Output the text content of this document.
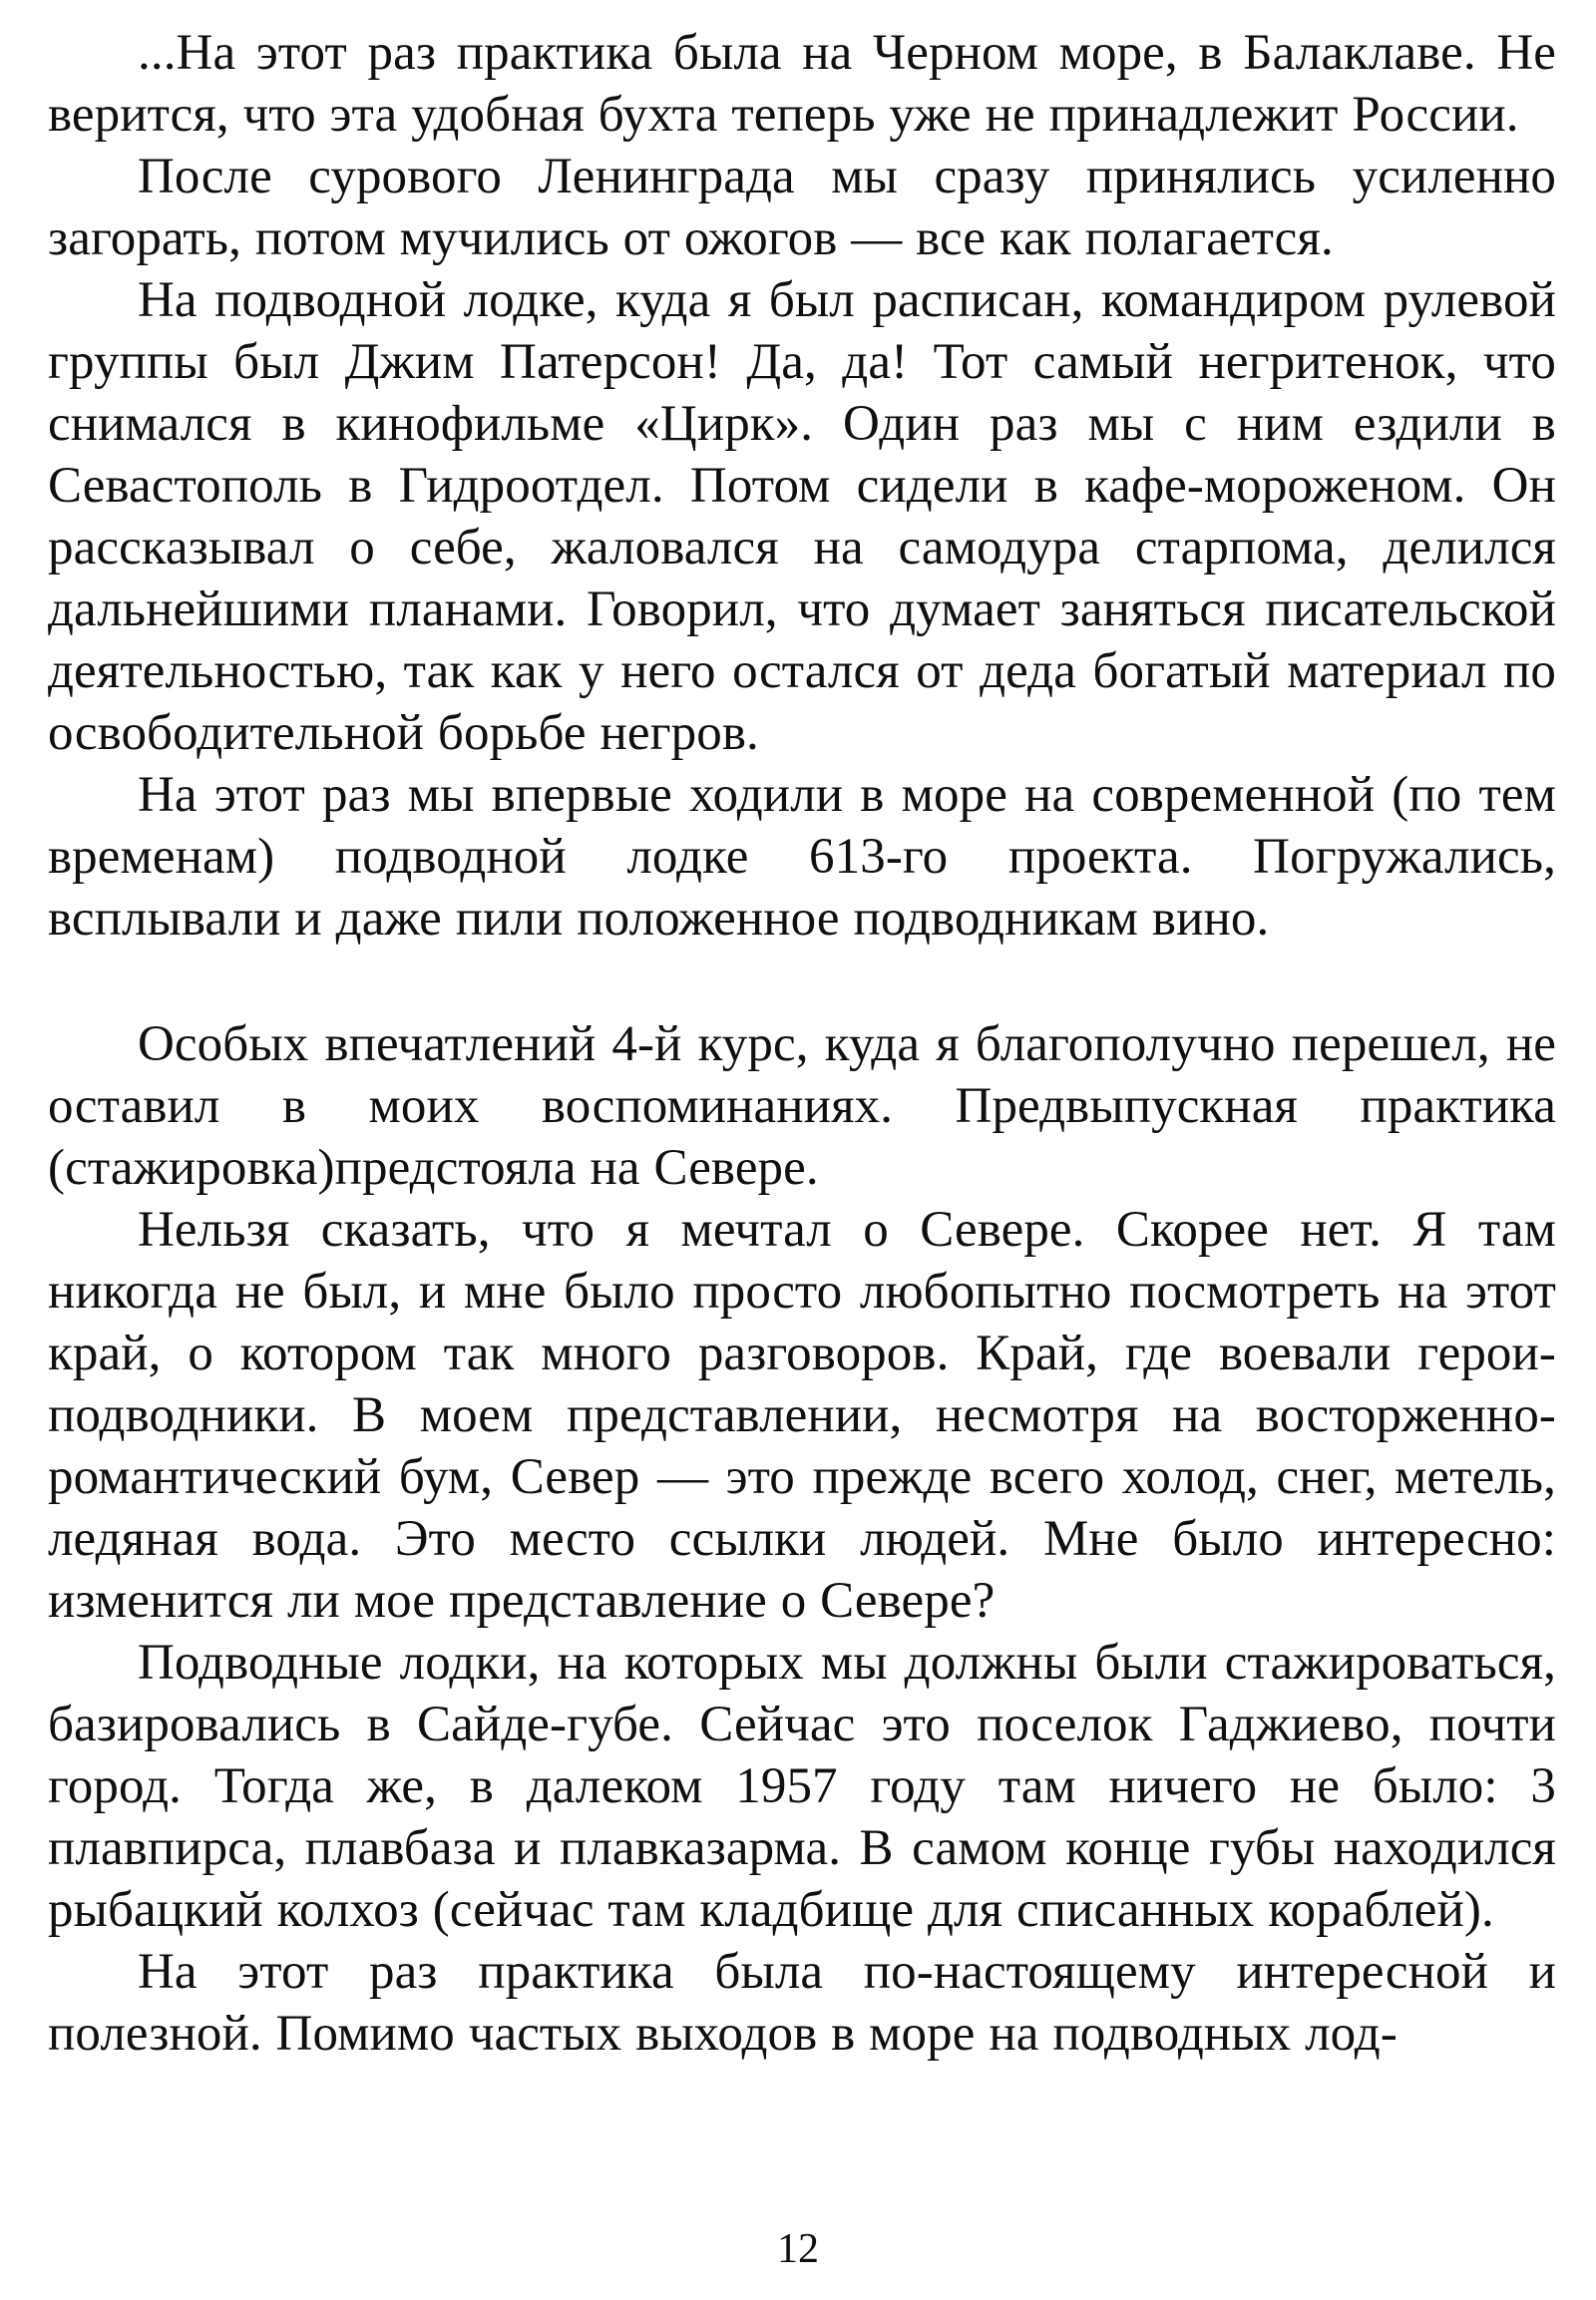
...На этот раз практика была на Черном море, в Балаклаве. Не верится, что эта удобная бухта теперь уже не принадлежит России.

После сурового Ленинграда мы сразу принялись усиленно загорать, потом мучились от ожогов — все как полагается.

На подводной лодке, куда я был расписан, командиром рулевой группы был Джим Патерсон! Да, да! Тот самый негритенок, что снимался в кинофильме «Цирк». Один раз мы с ним ездили в Севастополь в Гидроотдел. Потом сидели в кафе-мороженом. Он рассказывал о себе, жаловался на самодура старпома, делился дальнейшими планами. Говорил, что думает заняться писательской деятельностью, так как у него остался от деда богатый материал по освободительной борьбе негров.

На этот раз мы впервые ходили в море на современной (по тем временам) подводной лодке 613-го проекта. Погружались, всплывали и даже пили положенное подводникам вино.

Особых впечатлений 4-й курс, куда я благополучно перешел, не оставил в моих воспоминаниях. Предвыпускная практика (стажировка)предстояла на Севере.

Нельзя сказать, что я мечтал о Севере. Скорее нет. Я там никогда не был, и мне было просто любопытно посмотреть на этот край, о котором так много разговоров. Край, где воевали герои-подводники. В моем представлении, несмотря на восторженно-романтический бум, Север — это прежде всего холод, снег, метель, ледяная вода. Это место ссылки людей. Мне было интересно: изменится ли мое представление о Севере?

Подводные лодки, на которых мы должны были стажироваться, базировались в Сайде-губе. Сейчас это поселок Гаджиево, почти город. Тогда же, в далеком 1957 году там ничего не было: 3 плавпирса, плавбаза и плавказарма. В самом конце губы находился рыбацкий колхоз (сейчас там кладбище для списанных кораблей).

На этот раз практика была по-настоящему интересной и полезной. Помимо частых выходов в море на подводных лод-

12
